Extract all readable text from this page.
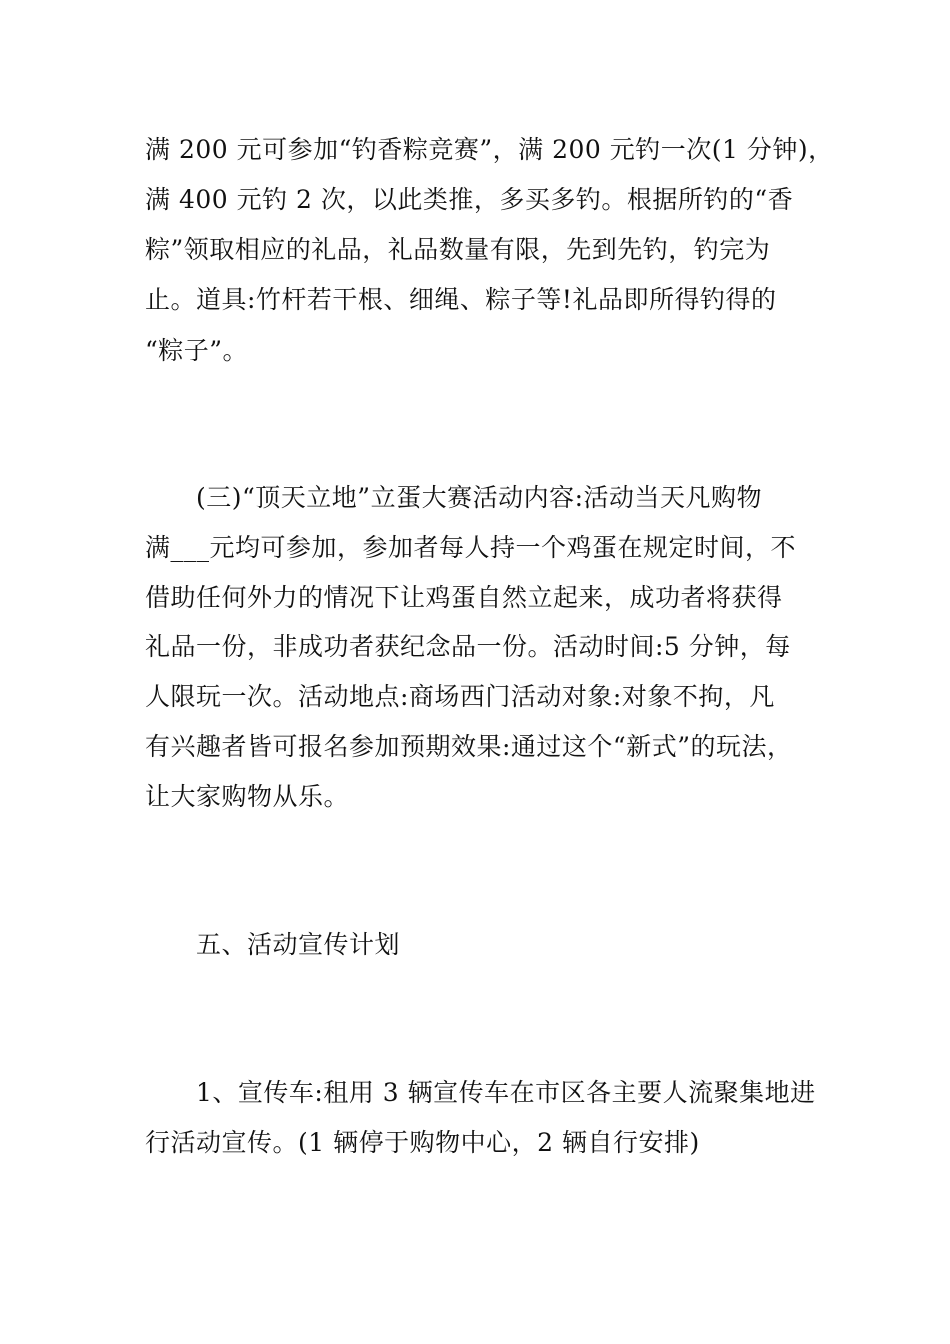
满 200 元可参加“钓香粽竞赛”，满 200 元钓一次(1 分钟)，
满 400 元钓 2 次，以此类推，多买多钓。根据所钓的“香
粽”领取相应的礼品，礼品数量有限，先到先钓，钓完为
止。道具:竹杆若干根、细绳、粽子等!礼品即所得钓得的
“粽子”。
(三)“顶天立地”立蛋大赛活动内容:活动当天凡购物
满___元均可参加，参加者每人持一个鸡蛋在规定时间，不
借助任何外力的情况下让鸡蛋自然立起来，成功者将获得
礼品一份，非成功者获纪念品一份。活动时间:5 分钟，每
人限玩一次。活动地点:商场西门活动对象:对象不拘，凡
有兴趣者皆可报名参加预期效果:通过这个“新式”的玩法，
让大家购物从乐。
五、活动宣传计划
1、宣传车:租用 3 辆宣传车在市区各主要人流聚集地进
行活动宣传。(1 辆停于购物中心，2 辆自行安排)
